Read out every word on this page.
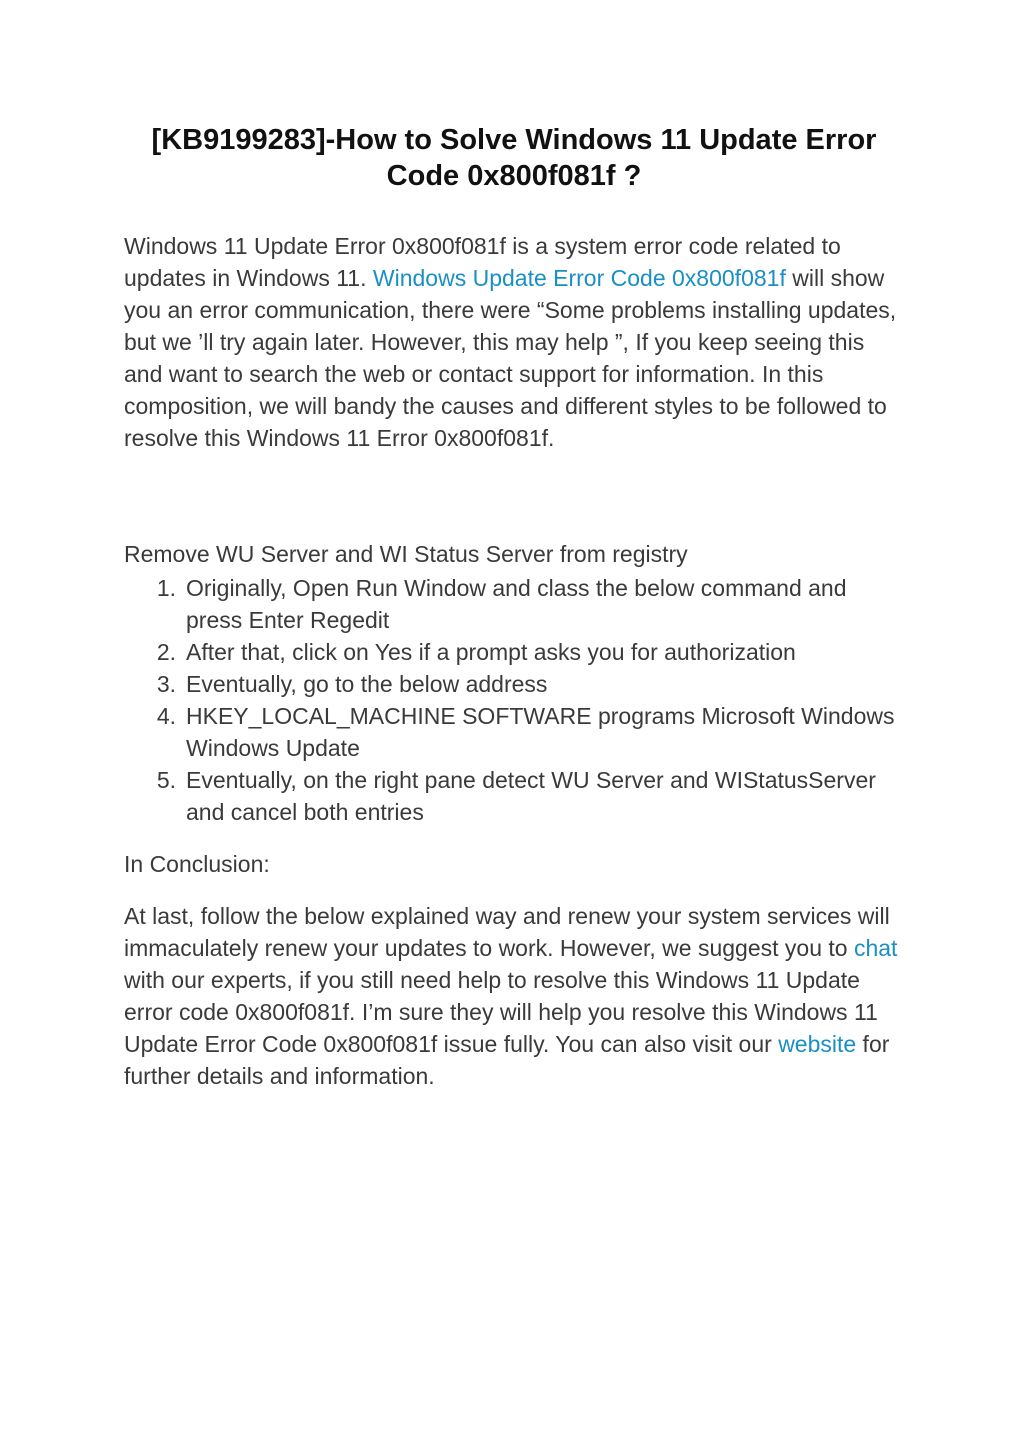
[KB9199283]-How to Solve Windows 11 Update Error Code 0x800f081f ?

Windows 11 Update Error 0x800f081f is a system error code related to updates in Windows 11. Windows Update Error Code 0x800f081f will show you an error communication, there were “Some problems installing updates, but we ’ll try again later. However, this may help ”, If you keep seeing this and want to search the web or contact support for information. In this composition, we will bandy the causes and different styles to be followed to resolve this Windows 11 Error 0x800f081f.

Remove WU Server and WI Status Server from registry

1. Originally, Open Run Window and class the below command and press Enter Regedit
2. After that, click on Yes if a prompt asks you for authorization
3. Eventually, go to the below address
4. HKEY_LOCAL_MACHINE SOFTWARE programs Microsoft Windows Windows Update
5. Eventually, on the right pane detect WU Server and WIStatusServer and cancel both entries

In Conclusion:

At last, follow the below explained way and renew your system services will immaculately renew your updates to work. However, we suggest you to chat with our experts, if you still need help to resolve this Windows 11 Update error code 0x800f081f. I’m sure they will help you resolve this Windows 11 Update Error Code 0x800f081f issue fully. You can also visit our website for further details and information.
